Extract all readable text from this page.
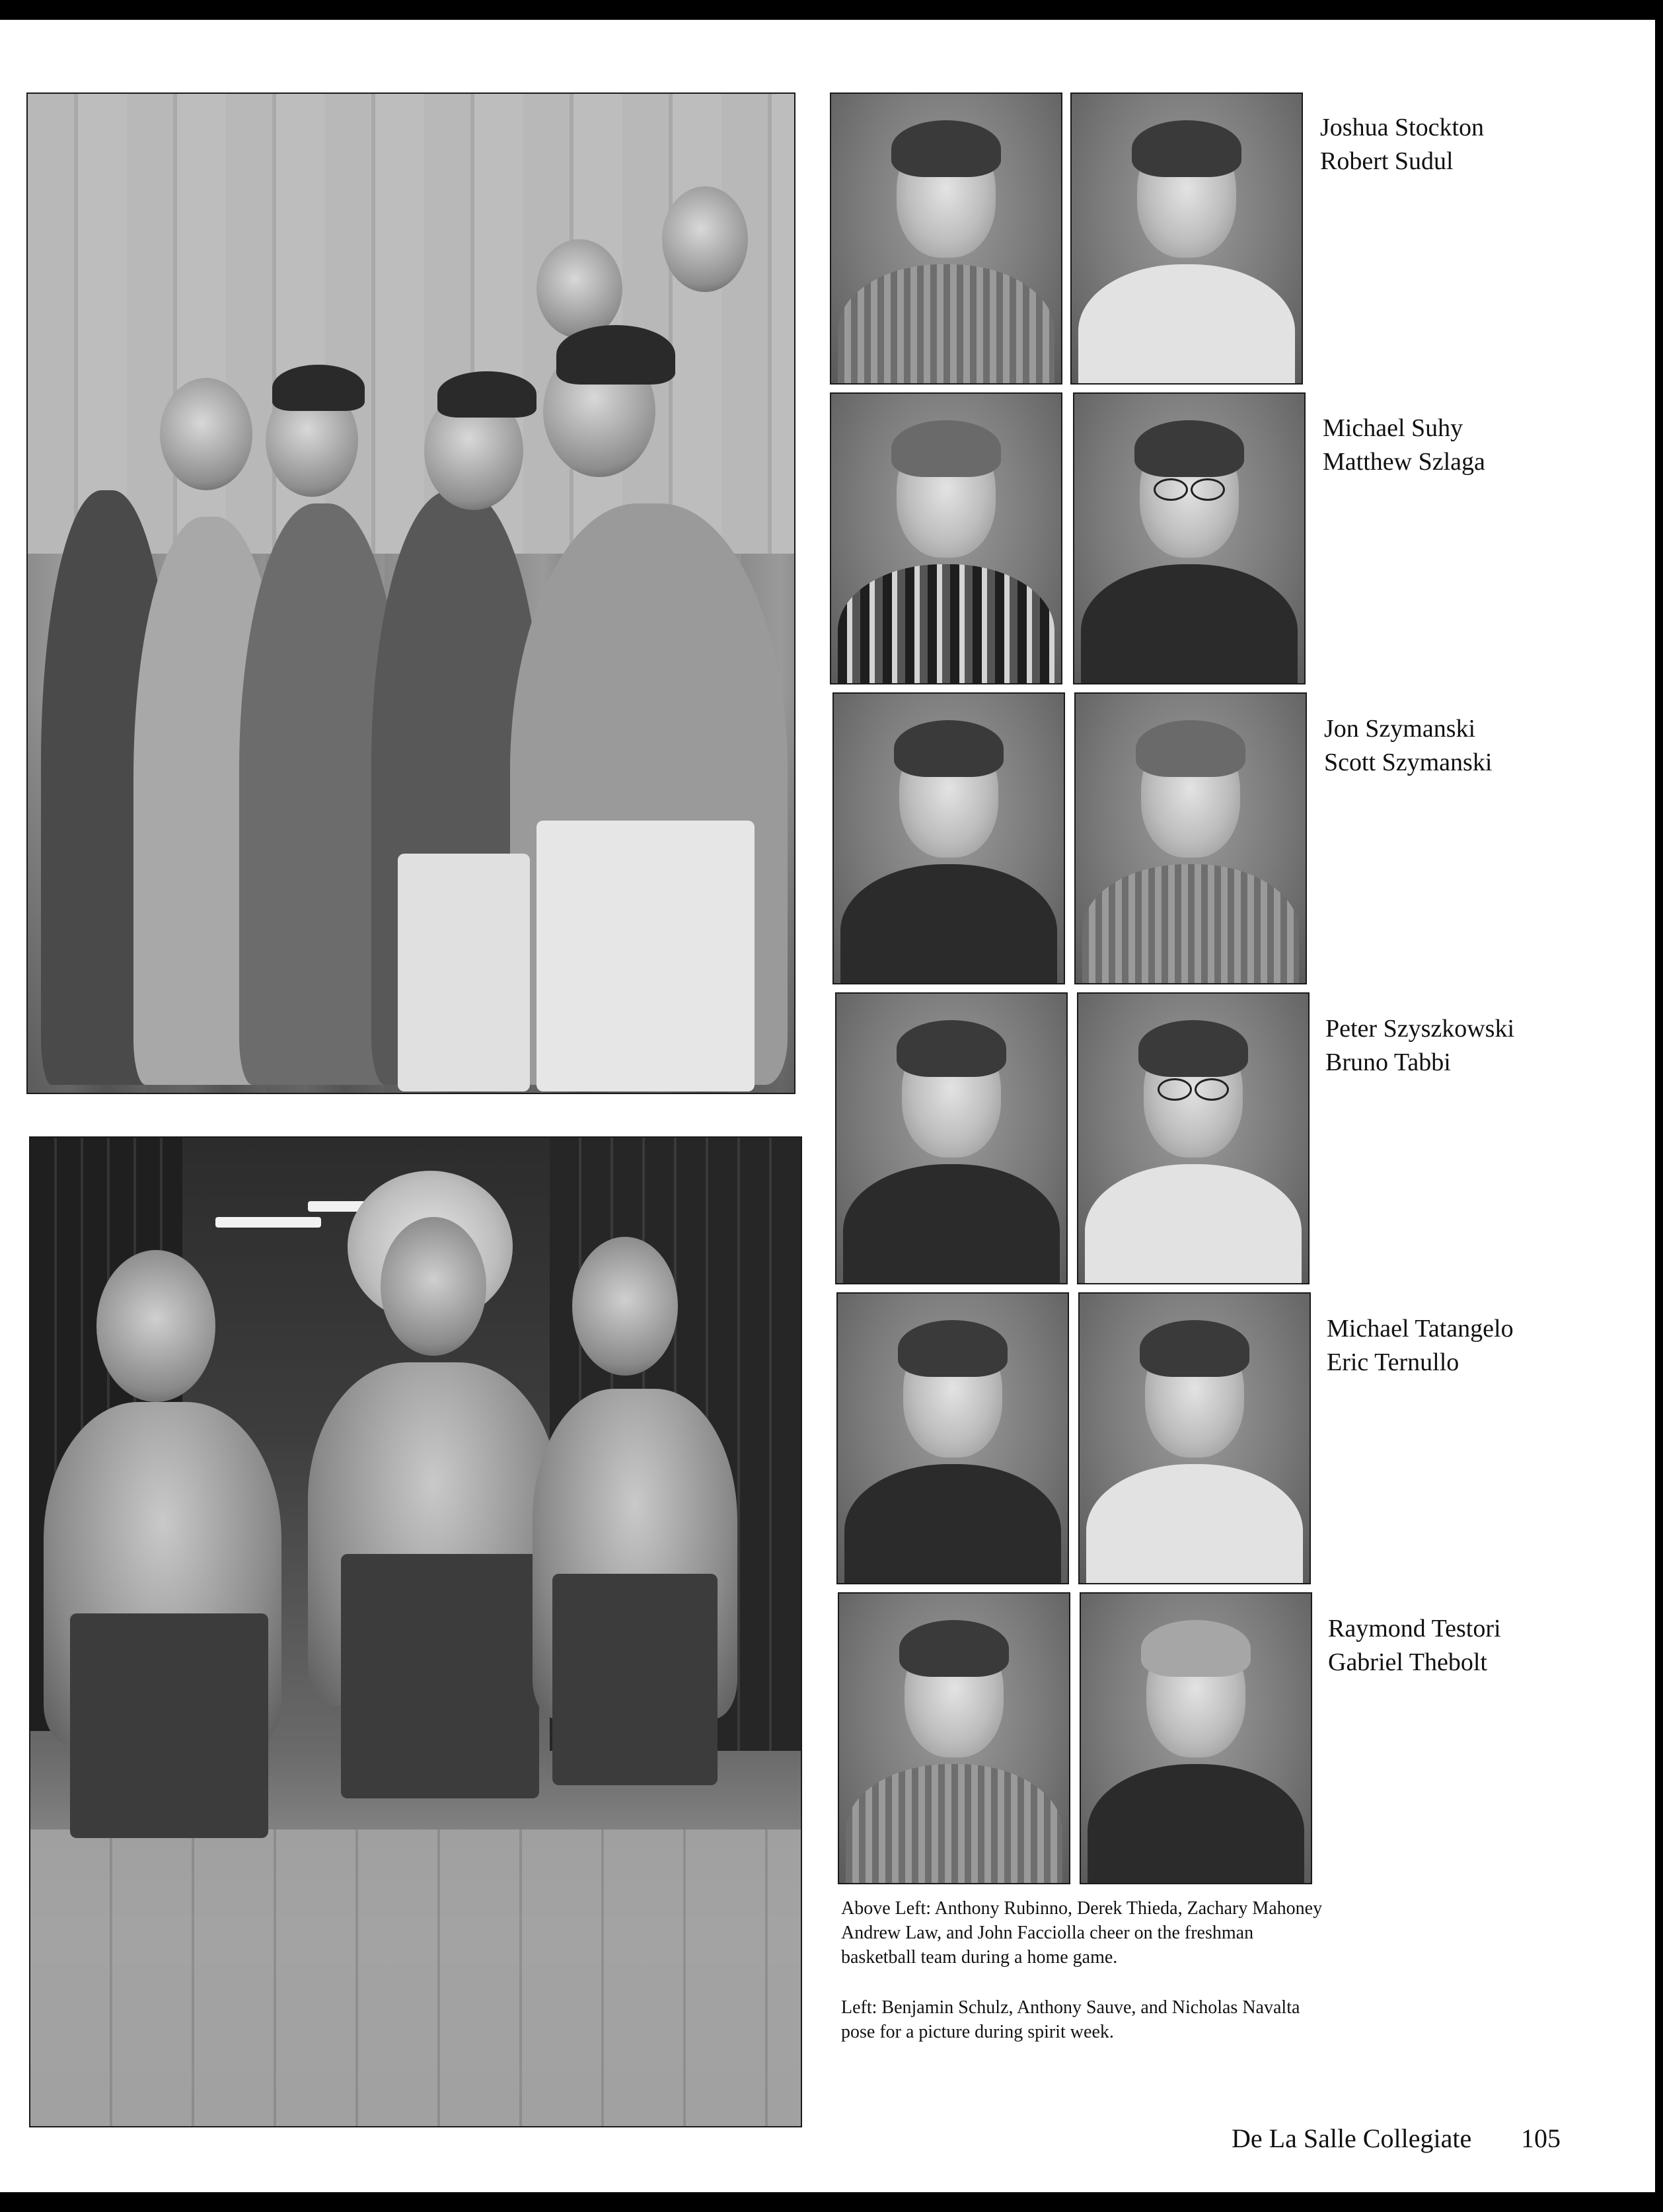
Joshua Stockton
Robert Sudul
Michael Suhy
Matthew Szlaga
Jon Szymanski
Scott Szymanski
Peter Szyszkowski
Bruno Tabbi
Michael Tatangelo
Eric Ternullo
Raymond Testori
Gabriel Thebolt
Above Left: Anthony Rubinno, Derek Thieda, Zachary Mahoney Andrew Law, and John Facciolla cheer on the freshman basketball team during a home game.
Left: Benjamin Schulz, Anthony Sauve, and Nicholas Navalta pose for a picture during spirit week.
De La Salle Collegiate 105
